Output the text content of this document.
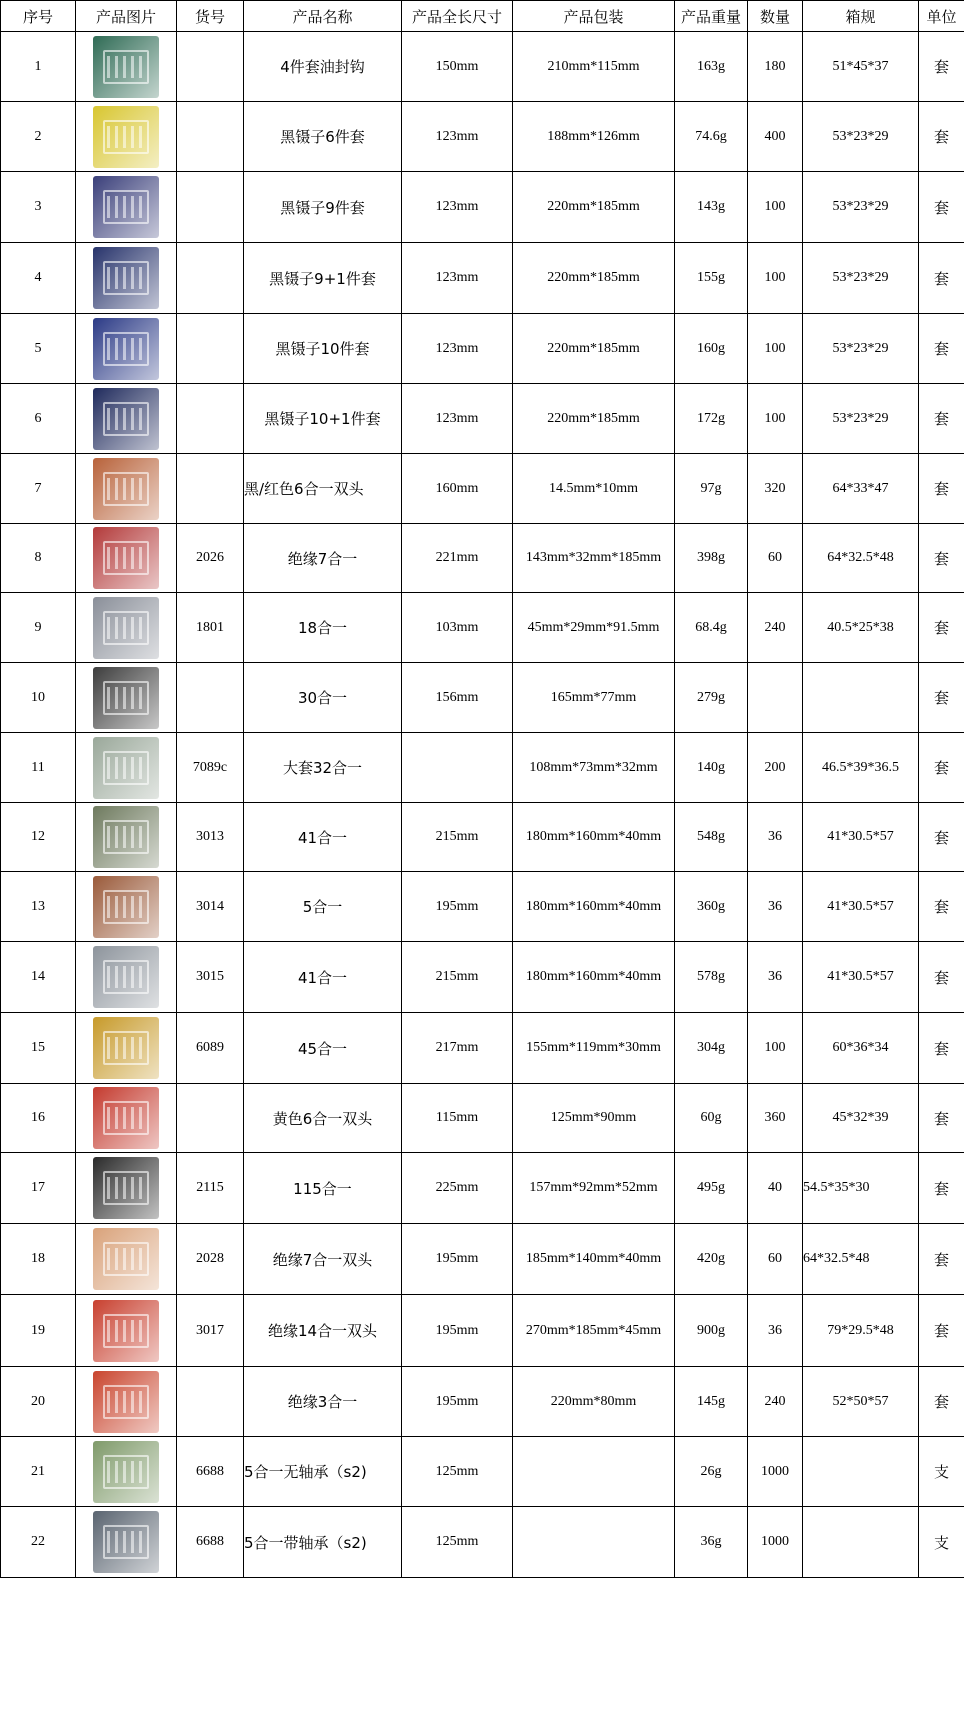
序号	产品图片	货号	产品名称	产品全长尺寸	产品包装	产品重量	数量	箱规	单位
1			4件套油封钩	150mm	210mm*115mm	163g	180	51*45*37	套
2			黑镊子6件套	123mm	188mm*126mm	74.6g	400	53*23*29	套
3			黑镊子9件套	123mm	220mm*185mm	143g	100	53*23*29	套
4			黑镊子9+1件套	123mm	220mm*185mm	155g	100	53*23*29	套
5			黑镊子10件套	123mm	220mm*185mm	160g	100	53*23*29	套
6			黑镊子10+1件套	123mm	220mm*185mm	172g	100	53*23*29	套
7			黑/红色6合一双头	160mm	14.5mm*10mm	97g	320	64*33*47	套
8		2026	绝缘7合一	221mm	143mm*32mm*185mm	398g	60	64*32.5*48	套
9		1801	18合一	103mm	45mm*29mm*91.5mm	68.4g	240	40.5*25*38	套
10			30合一	156mm	165mm*77mm	279g			套
11		7089c	大套32合一		108mm*73mm*32mm	140g	200	46.5*39*36.5	套
12		3013	41合一	215mm	180mm*160mm*40mm	548g	36	41*30.5*57	套
13		3014	5合一	195mm	180mm*160mm*40mm	360g	36	41*30.5*57	套
14		3015	41合一	215mm	180mm*160mm*40mm	578g	36	41*30.5*57	套
15		6089	45合一	217mm	155mm*119mm*30mm	304g	100	60*36*34	套
16			黄色6合一双头	115mm	125mm*90mm	60g	360	45*32*39	套
17		2115	115合一	225mm	157mm*92mm*52mm	495g	40	54.5*35*30	套
18		2028	绝缘7合一双头	195mm	185mm*140mm*40mm	420g	60	64*32.5*48	套
19		3017	绝缘14合一双头	195mm	270mm*185mm*45mm	900g	36	79*29.5*48	套
20			绝缘3合一	195mm	220mm*80mm	145g	240	52*50*57	套
21		6688	5合一无轴承（s2)	125mm		26g	1000		支
22		6688	5合一带轴承（s2)	125mm		36g	1000		支
